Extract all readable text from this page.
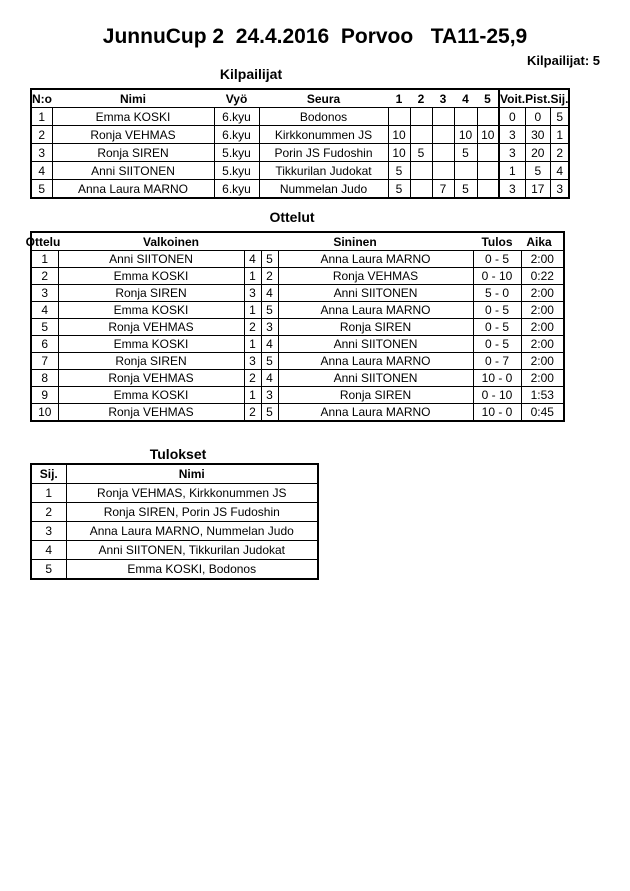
JunnuCup 2  24.4.2016  Porvoo   TA11-25,9
Kilpailijat: 5
Kilpailijat
N:o	Nimi	Vyö	Seura	1	2	3	4	5	Voit.	Pist.	Sij.
1	Emma KOSKI	6.kyu	Bodonos						0	0	5
2	Ronja VEHMAS	6.kyu	Kirkkonummen JS	10			10	10	3	30	1
3	Ronja SIREN	5.kyu	Porin JS Fudoshin	10	5		5		3	20	2
4	Anni SIITONEN	5.kyu	Tikkurilan Judokat	5					1	5	4
5	Anna Laura MARNO	6.kyu	Nummelan Judo	5		7	5		3	17	3
Ottelut
Ottelu Valkoinen Sininen Tulos Aika						

1	Anni SIITONEN	4	5	Anna Laura MARNO	0 - 5	2:00
2	Emma KOSKI	1	2	Ronja VEHMAS	0 - 10	0:22
3	Ronja SIREN	3	4	Anni SIITONEN	5 - 0	2:00
4	Emma KOSKI	1	5	Anna Laura MARNO	0 - 5	2:00
5	Ronja VEHMAS	2	3	Ronja SIREN	0 - 5	2:00
6	Emma KOSKI	1	4	Anni SIITONEN	0 - 5	2:00
7	Ronja SIREN	3	5	Anna Laura MARNO	0 - 7	2:00
8	Ronja VEHMAS	2	4	Anni SIITONEN	10 - 0	2:00
9	Emma KOSKI	1	3	Ronja SIREN	0 - 10	1:53
10	Ronja VEHMAS	2	5	Anna Laura MARNO	10 - 0	0:45
Tulokset
Sij.	Nimi
1	Ronja VEHMAS, Kirkkonummen JS
2	Ronja SIREN, Porin JS Fudoshin
3	Anna Laura MARNO, Nummelan Judo
4	Anni SIITONEN, Tikkurilan Judokat
5	Emma KOSKI, Bodonos
